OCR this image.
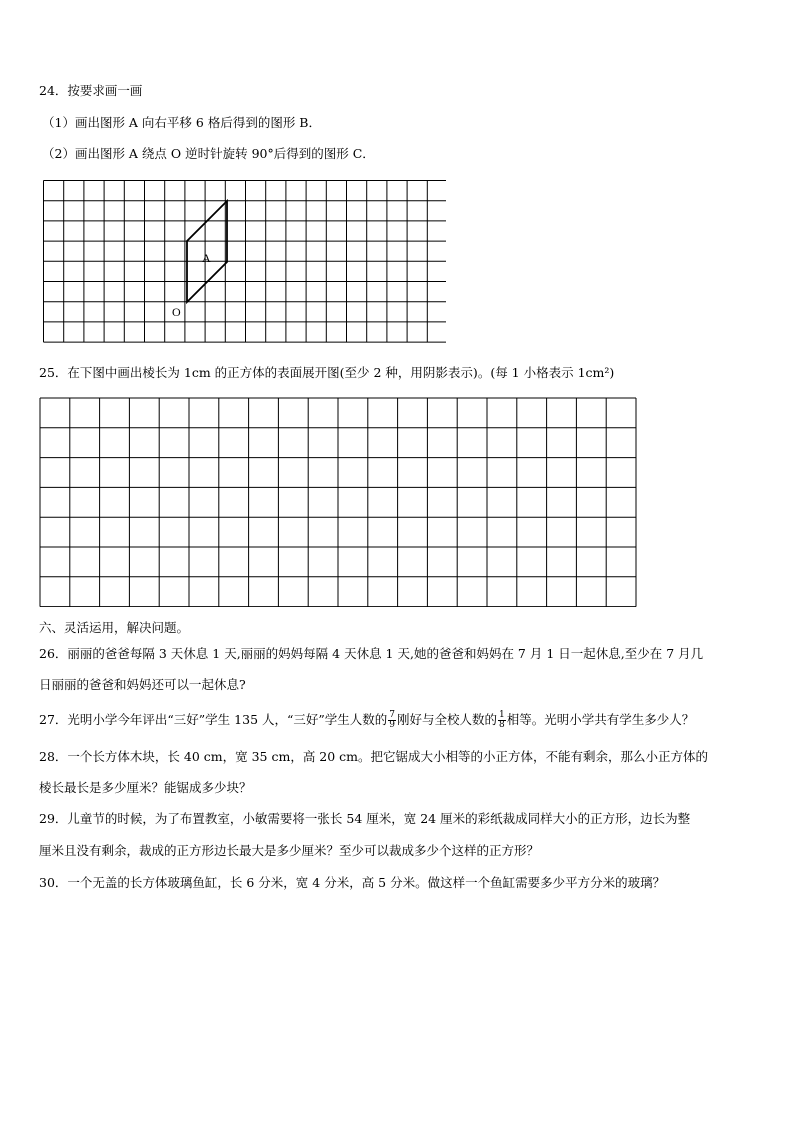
24．按要求画一画
（1）画出图形 A 向右平移 6 格后得到的图形 B．
（2）画出图形 A 绕点 O 逆时针旋转 90°后得到的图形 C．
A
O
25．在下图中画出棱长为 1cm 的正方体的表面展开图(至少 2 种，用阴影表示)。(每 1 小格表示 1cm²)
六、灵活运用，解决问题。
26．丽丽的爸爸每隔 3 天休息 1 天,丽丽的妈妈每隔 4 天休息 1 天,她的爸爸和妈妈在 7 月 1 日一起休息,至少在 7 月几
日丽丽的爸爸和妈妈还可以一起休息?
27．光明小学今年评出“三好”学生 135 人，“三好”学生人数的 $\frac{7}{9}$ 刚好与全校人数的 $\frac{1}{8}$ 相等。光明小学共有学生多少人？
28．一个长方体木块，长 40 cm，宽 35 cm，高 20 cm。把它锯成大小相等的小正方体，不能有剩余，那么小正方体的
棱长最长是多少厘米？能锯成多少块？
29．儿童节的时候，为了布置教室，小敏需要将一张长 54 厘米，宽 24 厘米的彩纸裁成同样大小的正方形，边长为整
厘米且没有剩余，裁成的正方形边长最大是多少厘米？至少可以裁成多少个这样的正方形？
30．一个无盖的长方体玻璃鱼缸，长 6 分米，宽 4 分米，高 5 分米。做这样一个鱼缸需要多少平方分米的玻璃？
